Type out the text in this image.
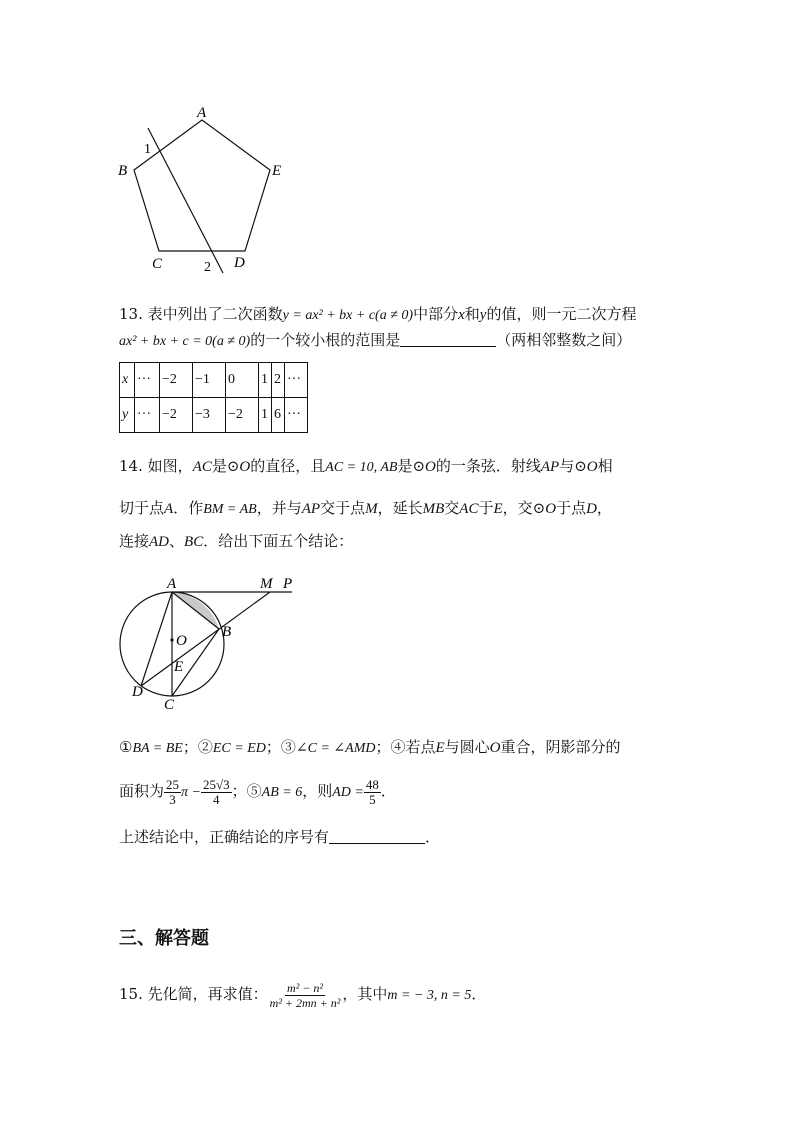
A
B
C	D
E
1
2
13. 表中列出了二次函数y = ax² + bx + c(a ≠ 0)中部分x和y的值，则一元二次方程
ax² + bx + c = 0(a ≠ 0)的一个较小根的范围是	（两相邻整数之间）
x	···	−2	−1	0	1	2	···
y	···	−2	−3	−2	1	6	···
14. 如图，AC是⊙O的直径，且AC = 10, AB是⊙O的一条弦．射线AP与⊙O相
切于点A．作BM = AB，并与AP交于点M，延长MB交AC于E，交⊙O于点D，
连接AD、BC．给出下面五个结论：
A	M P
B
O
E
D
C
①BA = BE；②EC = ED；③∠C = ∠AMD；④若点E与圆心O重合，阴影部分的
面积为 $\frac{25}{3}$ $\pi - \frac{25√3}{4}$ ；⑤AB = 6，则AD = $\frac{48}{5}$ ．
上述结论中，正确结论的序号有	．
三、解答题
15. 先化简，再求值： $\frac{\text{m² − n²}}{\text{m² + 2mn + n²}}$ ，其中m = − 3, n = 5．
